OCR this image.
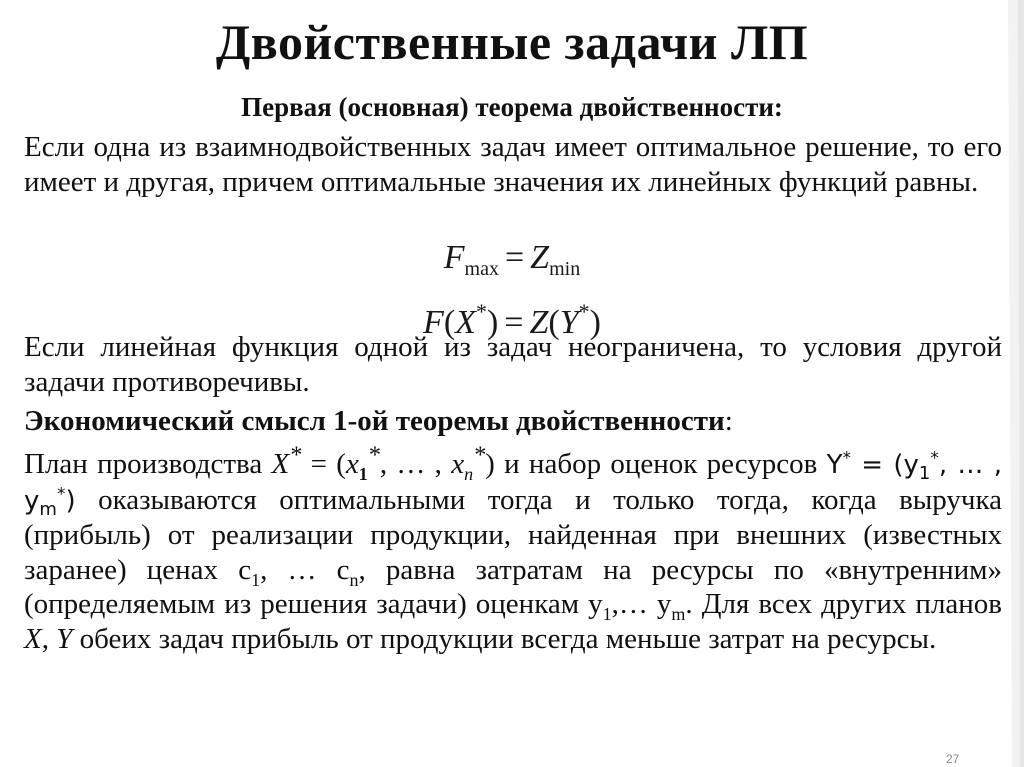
Двойственные задачи ЛП
Первая (основная) теорема двойственности:
Если одна из взаимнодвойственных задач имеет оптимальное решение, то его имеет и другая, причем оптимальные значения их линейных функций равны.
$F_{max} = Z_{min}$
F(X*) = Z(Y*)
Если линейная функция одной из задач неограничена, то условия другой задачи противоречивы.
Экономический смысл 1-ой теоремы двойственности:
План производства $X^* = (x_1^*$, … , $x_n^*$) и набор оценок ресурсов $Y^* = (y_1^*$, … , $y_m^*$) оказываются оптимальными тогда и только тогда, когда выручка (прибыль) от реализации продукции, найденная при внешних (известных заранее) ценах $c_1$, … $c_n$, равна затратам на ресурсы по «внутренним» (определяемым из решения задачи) оценкам $y_1,\dots$ $y_m$. Для всех других планов X, Y обеих задач прибыль от продукции всегда меньше затрат на ресурсы.
27
